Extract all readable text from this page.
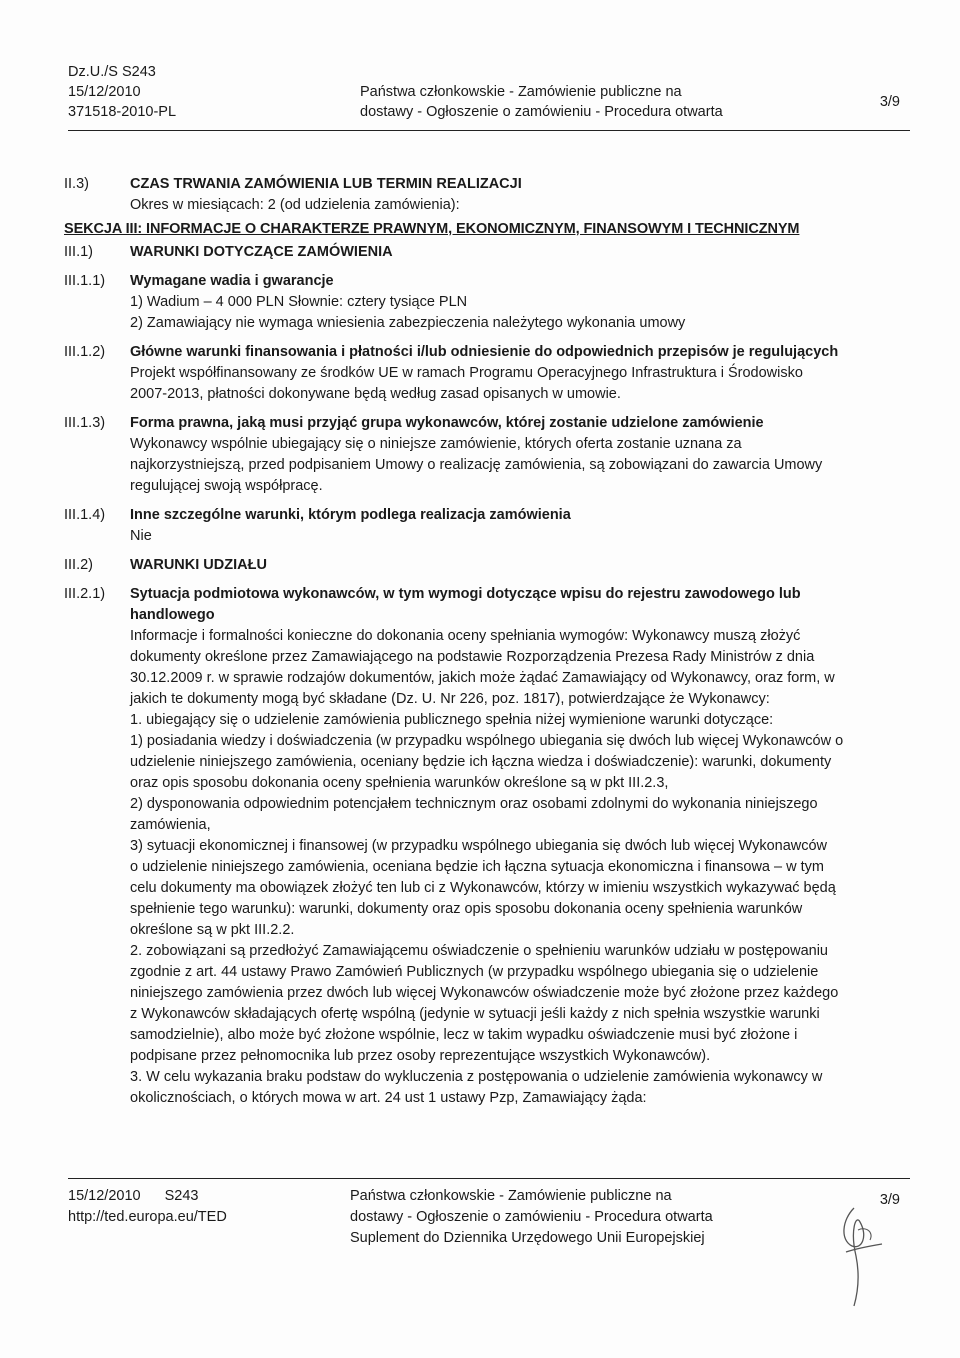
Dz.U./S S243
15/12/2010
371518-2010-PL
Państwa członkowskie - Zamówienie publiczne na
dostawy - Ogłoszenie o zamówieniu - Procedura otwarta
3/9
II.3)	CZAS TRWANIA ZAMÓWIENIA LUB TERMIN REALIZACJI
Okres w miesiącach: 2 (od udzielenia zamówienia):
SEKCJA III: INFORMACJE O CHARAKTERZE PRAWNYM, EKONOMICZNYM, FINANSOWYM I TECHNICZNYM
III.1)	WARUNKI DOTYCZĄCE ZAMÓWIENIA
III.1.1)	Wymagane wadia i gwarancje
1) Wadium – 4 000 PLN Słownie: cztery tysiące PLN
2) Zamawiający nie wymaga wniesienia zabezpieczenia należytego wykonania umowy
III.1.2)	Główne warunki finansowania i płatności i/lub odniesienie do odpowiednich przepisów je regulujących
Projekt współfinansowany ze środków UE w ramach Programu Operacyjnego Infrastruktura i Środowisko
2007-2013, płatności dokonywane będą według zasad opisanych w umowie.
III.1.3)	Forma prawna, jaką musi przyjąć grupa wykonawców, której zostanie udzielone zamówienie
Wykonawcy wspólnie ubiegający się o niniejsze zamówienie, których oferta zostanie uznana za
najkorzystniejszą, przed podpisaniem Umowy o realizację zamówienia, są zobowiązani do zawarcia Umowy
regulującej swoją współpracę.
III.1.4)	Inne szczególne warunki, którym podlega realizacja zamówienia
Nie
III.2)	WARUNKI UDZIAŁU
III.2.1)	Sytuacja podmiotowa wykonawców, w tym wymogi dotyczące wpisu do rejestru zawodowego lub
handlowego
Informacje i formalności konieczne do dokonania oceny spełniania wymogów: Wykonawcy muszą złożyć
dokumenty określone przez Zamawiającego na podstawie Rozporządzenia Prezesa Rady Ministrów z dnia
30.12.2009 r. w sprawie rodzajów dokumentów, jakich może żądać Zamawiający od Wykonawcy, oraz form, w
jakich te dokumenty mogą być składane (Dz. U. Nr 226, poz. 1817), potwierdzające że Wykonawcy:
1. ubiegający się o udzielenie zamówienia publicznego spełnia niżej wymienione warunki dotyczące:
1) posiadania wiedzy i doświadczenia (w przypadku wspólnego ubiegania się dwóch lub więcej Wykonawców o
udzielenie niniejszego zamówienia, oceniany będzie ich łączna wiedza i doświadczenie): warunki, dokumenty
oraz opis sposobu dokonania oceny spełnienia warunków określone są w pkt III.2.3,
2) dysponowania odpowiednim potencjałem technicznym oraz osobami zdolnymi do wykonania niniejszego
zamówienia,
3) sytuacji ekonomicznej i finansowej (w przypadku wspólnego ubiegania się dwóch lub więcej Wykonawców
o udzielenie niniejszego zamówienia, oceniana będzie ich łączna sytuacja ekonomiczna i finansowa – w tym
celu dokumenty ma obowiązek złożyć ten lub ci z Wykonawców, którzy w imieniu wszystkich wykazywać będą
spełnienie tego warunku): warunki, dokumenty oraz opis sposobu dokonania oceny spełnienia warunków
określone są w pkt III.2.2.
2. zobowiązani są przedłożyć Zamawiającemu oświadczenie o spełnieniu warunków udziału w postępowaniu
zgodnie z art. 44 ustawy Prawo Zamówień Publicznych (w przypadku wspólnego ubiegania się o udzielenie
niniejszego zamówienia przez dwóch lub więcej Wykonawców oświadczenie może być złożone przez każdego
z Wykonawców składających ofertę wspólną (jedynie w sytuacji jeśli każdy z nich spełnia wszystkie warunki
samodzielnie), albo może być złożone wspólnie, lecz w takim wypadku oświadczenie musi być złożone i
podpisane przez pełnomocnika lub przez osoby reprezentujące wszystkich Wykonawców).
3. W celu wykazania braku podstaw do wykluczenia z postępowania o udzielenie zamówienia wykonawcy w
okolicznościach, o których mowa w art. 24 ust 1 ustawy Pzp, Zamawiający żąda:
15/12/2010 S243
http://ted.europa.eu/TED
Państwa członkowskie - Zamówienie publiczne na
dostawy - Ogłoszenie o zamówieniu - Procedura otwarta
Suplement do Dziennika Urzędowego Unii Europejskiej
3/9
